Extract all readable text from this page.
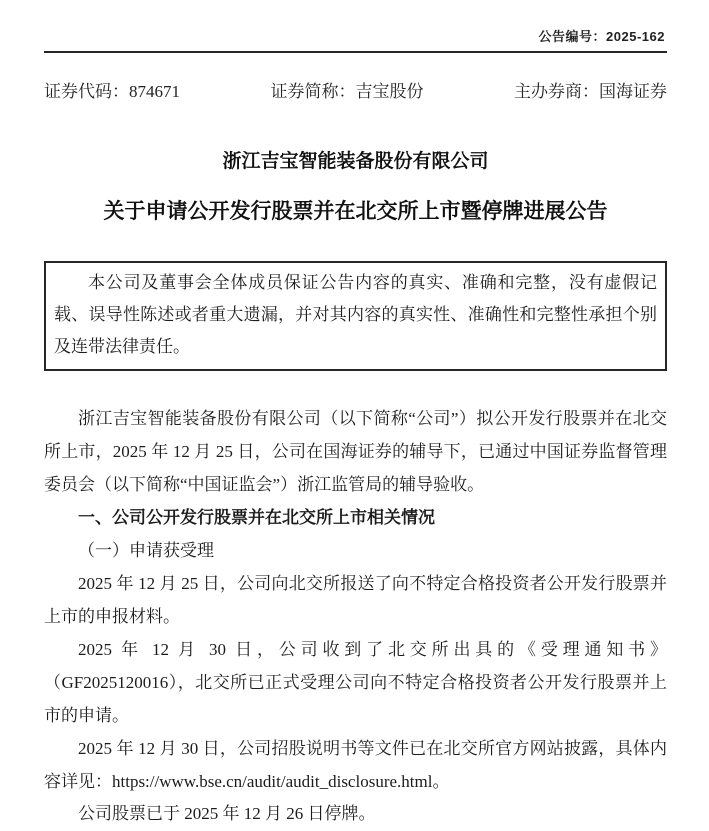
公告编号：2025-162
证券代码：874671	证券简称：吉宝股份	主办券商：国海证券
浙江吉宝智能装备股份有限公司
关于申请公开发行股票并在北交所上市暨停牌进展公告
本公司及董事会全体成员保证公告内容的真实、准确和完整，没有虚假记载、误导性陈述或者重大遗漏，并对其内容的真实性、准确性和完整性承担个别及连带法律责任。

浙江吉宝智能装备股份有限公司（以下简称“公司”）拟公开发行股票并在北交所上市，2025 年 12 月 25 日，公司在国海证券的辅导下，已通过中国证券监督管理委员会（以下简称“中国证监会”）浙江监管局的辅导验收。

一、公司公开发行股票并在北交所上市相关情况

（一）申请获受理

2025 年 12 月 25 日，公司向北交所报送了向不特定合格投资者公开发行股票并上市的申报材料。

2025 年 12 月 30 日，公司收到了北交所出具的《受理通知书》（GF2025120016），北交所已正式受理公司向不特定合格投资者公开发行股票并上市的申请。

2025 年 12 月 30 日，公司招股说明书等文件已在北交所官方网站披露，具体内容详见：https://www.bse.cn/audit/audit_disclosure.html。

公司股票已于 2025 年 12 月 26 日停牌。
